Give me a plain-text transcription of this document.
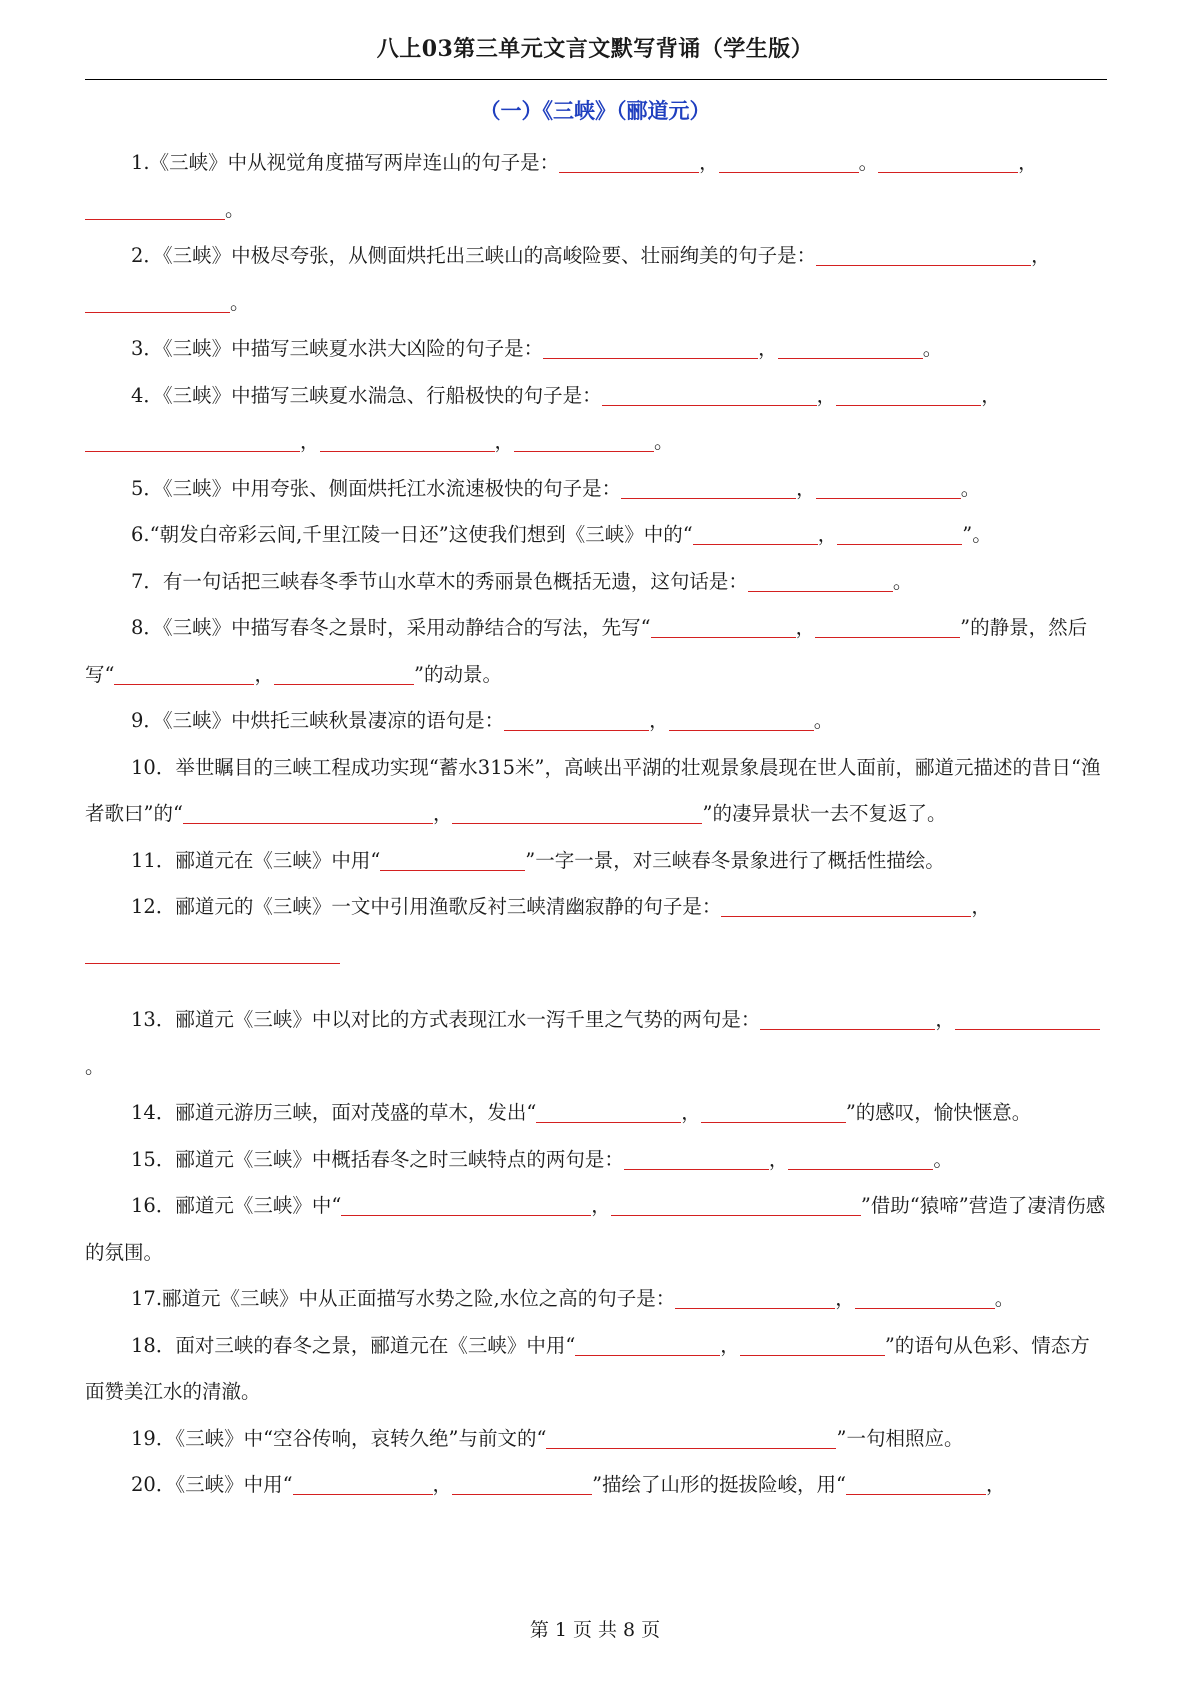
八上03第三单元文言文默写背诵（学生版）
（一）《三峡》（郦道元）

1.《三峡》中从视觉角度描写两岸连山的句子是：	，	。	，。

2．《三峡》中极尽夸张，从侧面烘托出三峡山的高峻险要、壮丽绚美的句子是：	，。

3．《三峡》中描写三峡夏水洪大凶险的句子是：	，	。

4．《三峡》中描写三峡夏水湍急、行船极快的句子是：	，	，，	，	。

5．《三峡》中用夸张、侧面烘托江水流速极快的句子是：	，	。

6.“朝发白帝彩云间,千里江陵一日还”这使我们想到《三峡》中的“	，	”。

7．有一句话把三峡春冬季节山水草木的秀丽景色概括无遗，这句话是：	。

8．《三峡》中描写春冬之景时，采用动静结合的写法，先写“	，	”的静景，然后写“	，	”的动景。

9．《三峡》中烘托三峡秋景凄凉的语句是：	，	。

10．举世瞩目的三峡工程成功实现“蓄水315米”，高峡出平湖的壮观景象晨现在世人面前，郦道元描述的昔日“渔者歌曰”的“	，	”的凄异景状一去不复返了。

11．郦道元在《三峡》中用“	”一字一景，对三峡春冬景象进行了概括性描绘。

12．郦道元的《三峡》一文中引用渔歌反衬三峡清幽寂静的句子是：	，

13．郦道元《三峡》中以对比的方式表现江水一泻千里之气势的两句是：	，。

14．郦道元游历三峡，面对茂盛的草木，发出“	，	”的感叹，愉快惬意。

15．郦道元《三峡》中概括春冬之时三峡特点的两句是：	，	。

16．郦道元《三峡》中“	，	”借助“猿啼”营造了凄清伤感的氛围。

17.郦道元《三峡》中从正面描写水势之险,水位之高的句子是：	，	。

18．面对三峡的春冬之景，郦道元在《三峡》中用“	，	”的语句从色彩、情态方面赞美江水的清澈。

19．《三峡》中“空谷传响，哀转久绝”与前文的“	”一句相照应。

20．《三峡》中用“	，	”描绘了山形的挺拔险峻，用“	，

第 1 页 共 8 页
